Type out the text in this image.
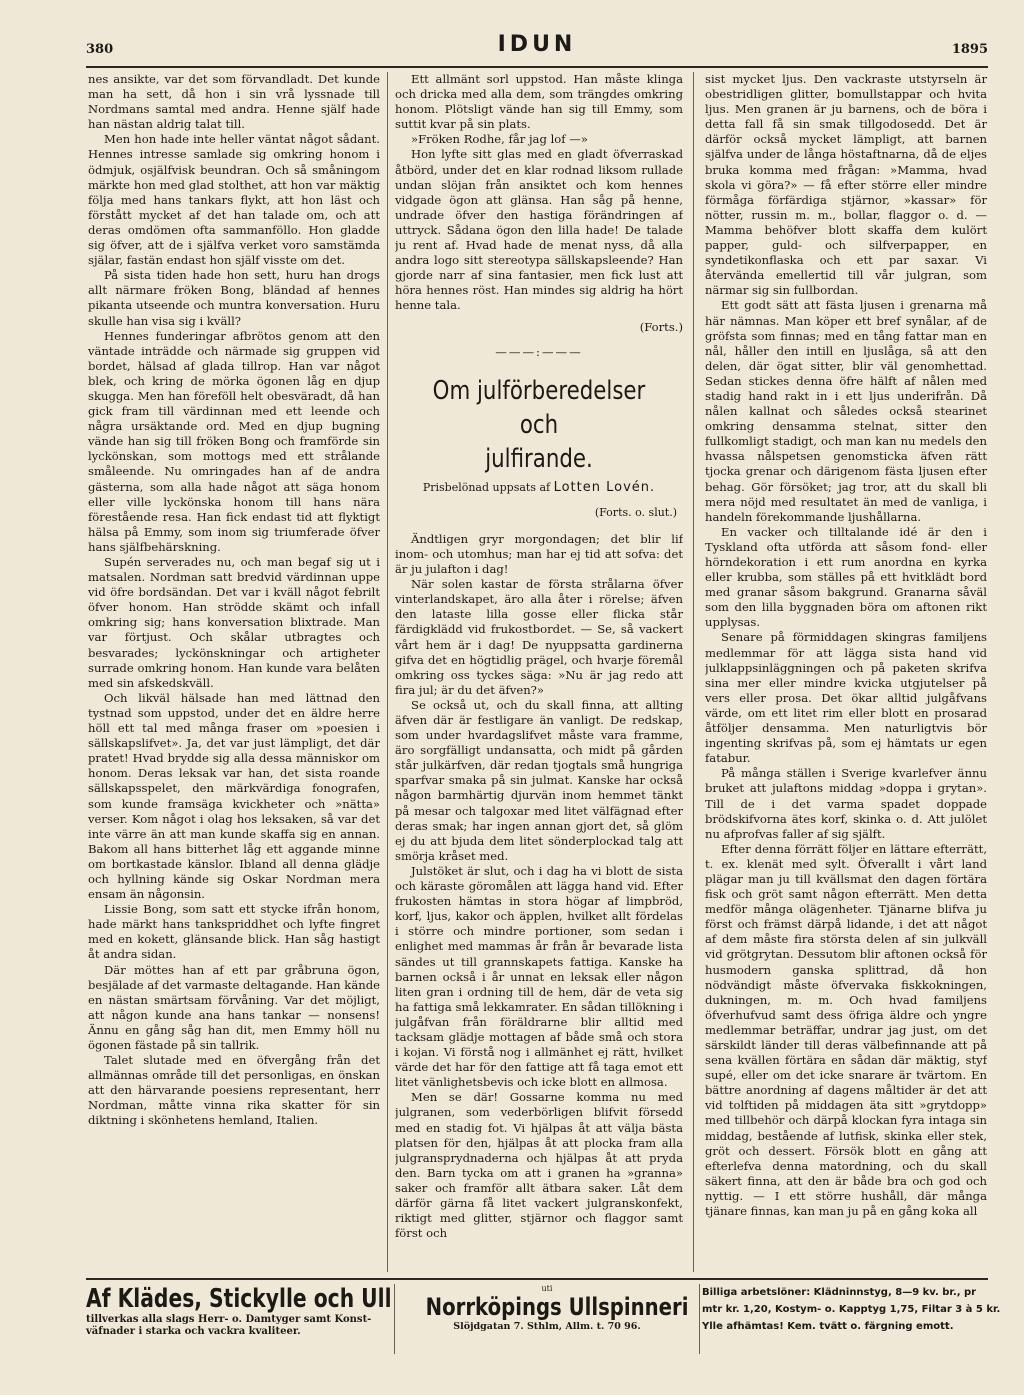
380	IDUN	1895

nes ansikte, var det som förvandladt. Det kunde man ha sett, då hon i sin vrå lyssnade till Nordmans samtal med andra. Henne själf hade han nästan aldrig talat till.

Men hon hade inte heller väntat något sådant. Hennes intresse samlade sig omkring honom i ödmjuk, osjälfvisk beundran. Och så småningom märkte hon med glad stolthet, att hon var mäktig följa med hans tankars flykt, att hon läst och förstått mycket af det han talade om, och att deras omdömen ofta sammanföllo. Hon gladde sig öfver, att de i själfva verket voro samstämda själar, fastän endast hon själf visste om det.

På sista tiden hade hon sett, huru han drogs allt närmare fröken Bong, bländad af hennes pikanta utseende och muntra konversation. Huru skulle han visa sig i kväll?

Hennes funderingar afbrötos genom att den väntade inträdde och närmade sig gruppen vid bordet, hälsad af glada tillrop. Han var något blek, och kring de mörka ögonen låg en djup skugga. Men han föreföll helt obesväradt, då han gick fram till värdinnan med ett leende och några ursäktande ord. Med en djup bugning vände han sig till fröken Bong och framförde sin lyckönskan, som mottogs med ett strålande småleende. Nu omringades han af de andra gästerna, som alla hade något att säga honom eller ville lyckönska honom till hans nära förestående resa. Han fick endast tid att flyktigt hälsa på Emmy, som inom sig triumferade öfver hans själfbehärskning.

Supén serverades nu, och man begaf sig ut i matsalen. Nordman satt bredvid värdinnan uppe vid öfre bordsändan. Det var i kväll något febrilt öfver honom. Han strödde skämt och infall omkring sig; hans konversation blixtrade. Man var förtjust. Och skålar utbragtes och besvarades; lyckönskningar och artigheter surrade omkring honom. Han kunde vara belåten med sin afskedskväll.

Och likväl hälsade han med lättnad den tystnad som uppstod, under det en äldre herre höll ett tal med många fraser om »poesien i sällskapslifvet». Ja, det var just lämpligt, det där pratet! Hvad brydde sig alla dessa människor om honom. Deras leksak var han, det sista roande sällskapsspelet, den märkvärdiga fonografen, som kunde framsäga kvickheter och »nätta» verser. Kom något i olag hos leksaken, så var det inte värre än att man kunde skaffa sig en annan. Bakom all hans bitterhet låg ett aggande minne om bortkastade känslor. Ibland all denna glädje och hyllning kände sig Oskar Nordman mera ensam än någonsin.

Lissie Bong, som satt ett stycke ifrån honom, hade märkt hans tankspriddhet och lyfte fingret med en kokett, glänsande blick. Han såg hastigt åt andra sidan.

Där möttes han af ett par gråbruna ögon, besjälade af det varmaste deltagande. Han kände en nästan smärtsam förvåning. Var det möjligt, att någon kunde ana hans tankar — nonsens! Ännu en gång såg han dit, men Emmy höll nu ögonen fästade på sin tallrik.

Talet slutade med en öfvergång från det allmännas område till det personligas, en önskan att den härvarande poesiens representant, herr Nordman, måtte vinna rika skatter för sin diktning i skönhetens hemland, Italien.

Ett allmänt sorl uppstod. Han måste klinga och dricka med alla dem, som trängdes omkring honom. Plötsligt vände han sig till Emmy, som suttit kvar på sin plats.

»Fröken Rodhe, får jag lof —»

Hon lyfte sitt glas med en gladt öfverraskad åtbörd, under det en klar rodnad liksom rullade undan slöjan från ansiktet och kom hennes vidgade ögon att glänsa. Han såg på henne, undrade öfver den hastiga förändringen af uttryck. Sådana ögon den lilla hade! De talade ju rent af. Hvad hade de menat nyss, då alla andra logo sitt stereotypa sällskapsleende? Han gjorde narr af sina fantasier, men fick lust att höra hennes röst. Han mindes sig aldrig ha hört henne tala.

(Forts.)
———:———
Om julförberedelser och
julfirande.
Prisbelönad uppsats af Lotten Lovén.
(Forts. o. slut.)

Ändtligen gryr morgondagen; det blir lif inom- och utomhus; man har ej tid att sofva: det är ju julafton i dag!

När solen kastar de första strålarna öfver vinterlandskapet, äro alla åter i rörelse; äfven den lataste lilla gosse eller flicka står färdigklädd vid frukostbordet. — Se, så vackert vårt hem är i dag! De nyuppsatta gardinerna gifva det en högtidlig prägel, och hvarje föremål omkring oss tyckes säga: »Nu är jag redo att fira jul; är du det äfven?»

Se också ut, och du skall finna, att allting äfven där är festligare än vanligt. De redskap, som under hvardagslifvet måste vara framme, äro sorgfälligt undansatta, och midt på gården står julkärfven, där redan tjogtals små hungriga sparfvar smaka på sin julmat. Kanske har också någon barmhärtig djurvän inom hemmet tänkt på mesar och talgoxar med litet välfägnad efter deras smak; har ingen annan gjort det, så glöm ej du att bjuda dem litet sönderplockad talg att smörja kråset med.

Julstöket är slut, och i dag ha vi blott de sista och käraste göromålen att lägga hand vid. Efter frukosten hämtas in stora högar af limpbröd, korf, ljus, kakor och äpplen, hvilket allt fördelas i större och mindre portioner, som sedan i enlighet med mammas år från år bevarade lista sändes ut till grannskapets fattiga. Kanske ha barnen också i år unnat en leksak eller någon liten gran i ordning till de hem, där de veta sig ha fattiga små lekkamrater. En sådan tillökning i julgåfvan från föräldrarne blir alltid med tacksam glädje mottagen af både små och stora i kojan. Vi förstå nog i allmänhet ej rätt, hvilket värde det har för den fattige att få taga emot ett litet vänlighetsbevis och icke blott en allmosa.

Men se där! Gossarne komma nu med julgranen, som vederbörligen blifvit försedd med en stadig fot. Vi hjälpas åt att välja bästa platsen för den, hjälpas åt att plocka fram alla julgransprydnaderna och hjälpas åt att pryda den. Barn tycka om att i granen ha »granna» saker och framför allt ätbara saker. Låt dem därför gärna få litet vackert julgranskonfekt, riktigt med glitter, stjärnor och flaggor samt först och

sist mycket ljus. Den vackraste utstyrseln är obestridligen glitter, bomullstappar och hvita ljus. Men granen är ju barnens, och de böra i detta fall få sin smak tillgodosedd. Det är därför också mycket lämpligt, att barnen själfva under de långa höstaftnarna, då de eljes bruka komma med frågan: »Mamma, hvad skola vi göra?» — få efter större eller mindre förmåga förfärdiga stjärnor, »kassar» för nötter, russin m. m., bollar, flaggor o. d. — Mamma behöfver blott skaffa dem kulört papper, guld- och silfverpapper, en syndetikonflaska och ett par saxar. Vi återvända emellertid till vår julgran, som närmar sig sin fullbordan.

Ett godt sätt att fästa ljusen i grenarna må här nämnas. Man köper ett bref synålar, af de gröfsta som finnas; med en tång fattar man en nål, håller den intill en ljuslåga, så att den delen, där ögat sitter, blir väl genomhettad. Sedan stickes denna öfre hälft af nålen med stadig hand rakt in i ett ljus underifrån. Då nålen kallnat och således också stearinet omkring densamma stelnat, sitter den fullkomligt stadigt, och man kan nu medels den hvassa nålspetsen genomsticka äfven rätt tjocka grenar och därigenom fästa ljusen efter behag. Gör försöket; jag tror, att du skall bli mera nöjd med resultatet än med de vanliga, i handeln förekommande ljushållarna.

En vacker och tilltalande idé är den i Tyskland ofta utförda att såsom fond- eller hörndekoration i ett rum anordna en kyrka eller krubba, som ställes på ett hvitklädt bord med granar såsom bakgrund. Granarna såväl som den lilla byggnaden böra om aftonen rikt upplysas.

Senare på förmiddagen skingras familjens medlemmar för att lägga sista hand vid julklappsinläggningen och på paketen skrifva sina mer eller mindre kvicka utgjutelser på vers eller prosa. Det ökar alltid julgåfvans värde, om ett litet rim eller blott en prosarad åtföljer densamma. Men naturligtvis bör ingenting skrifvas på, som ej hämtats ur egen fatabur.

På många ställen i Sverige kvarlefver ännu bruket att julaftons middag »doppa i grytan». Till de i det varma spadet doppade brödskifvorna ätes korf, skinka o. d. Att julölet nu afprofvas faller af sig själft.

Efter denna förrätt följer en lättare efterrätt, t. ex. klenät med sylt. Öfverallt i vårt land plägar man ju till kvällsmat den dagen förtära fisk och gröt samt någon efterrätt. Men detta medför många olägenheter. Tjänarne blifva ju först och främst därpå lidande, i det att något af dem måste fira största delen af sin julkväll vid grötgrytan. Dessutom blir aftonen också för husmodern ganska splittrad, då hon nödvändigt måste öfvervaka fiskkokningen, dukningen, m. m. Och hvad familjens öfverhufvud samt dess öfriga äldre och yngre medlemmar beträffar, undrar jag just, om det särskildt länder till deras välbefinnande att på sena kvällen förtära en sådan där mäktig, styf supé, eller om det icke snarare är tvärtom. En bättre anordning af dagens måltider är det att vid tolftiden på middagen äta sitt »grytdopp» med tillbehör och därpå klockan fyra intaga sin middag, bestående af lutfisk, skinka eller stek, gröt och dessert. Försök blott en gång att efterlefva denna matordning, och du skall säkert finna, att den är både bra och god och nyttig. — I ett större hushåll, där många tjänare finnas, kan man ju på en gång koka all

Af Klädes, Stickylle och Ull
tillverkas alla slags Herr- o. Damtyger samt Konst-
väfnader i starka och vackra kvaliteer.
uti
Norrköpings Ullspinneri
Slöjdgatan 7. Sthlm, Allm. t. 70 96.
Billiga arbetslöner: Klädninnstyg, 8—9 kv. br., pr
mtr kr. 1,20, Kostym- o. Kapptyg 1,75, Filtar 3 à 5 kr.
Ylle afhämtas! Kem. tvätt o. färgning emott.
